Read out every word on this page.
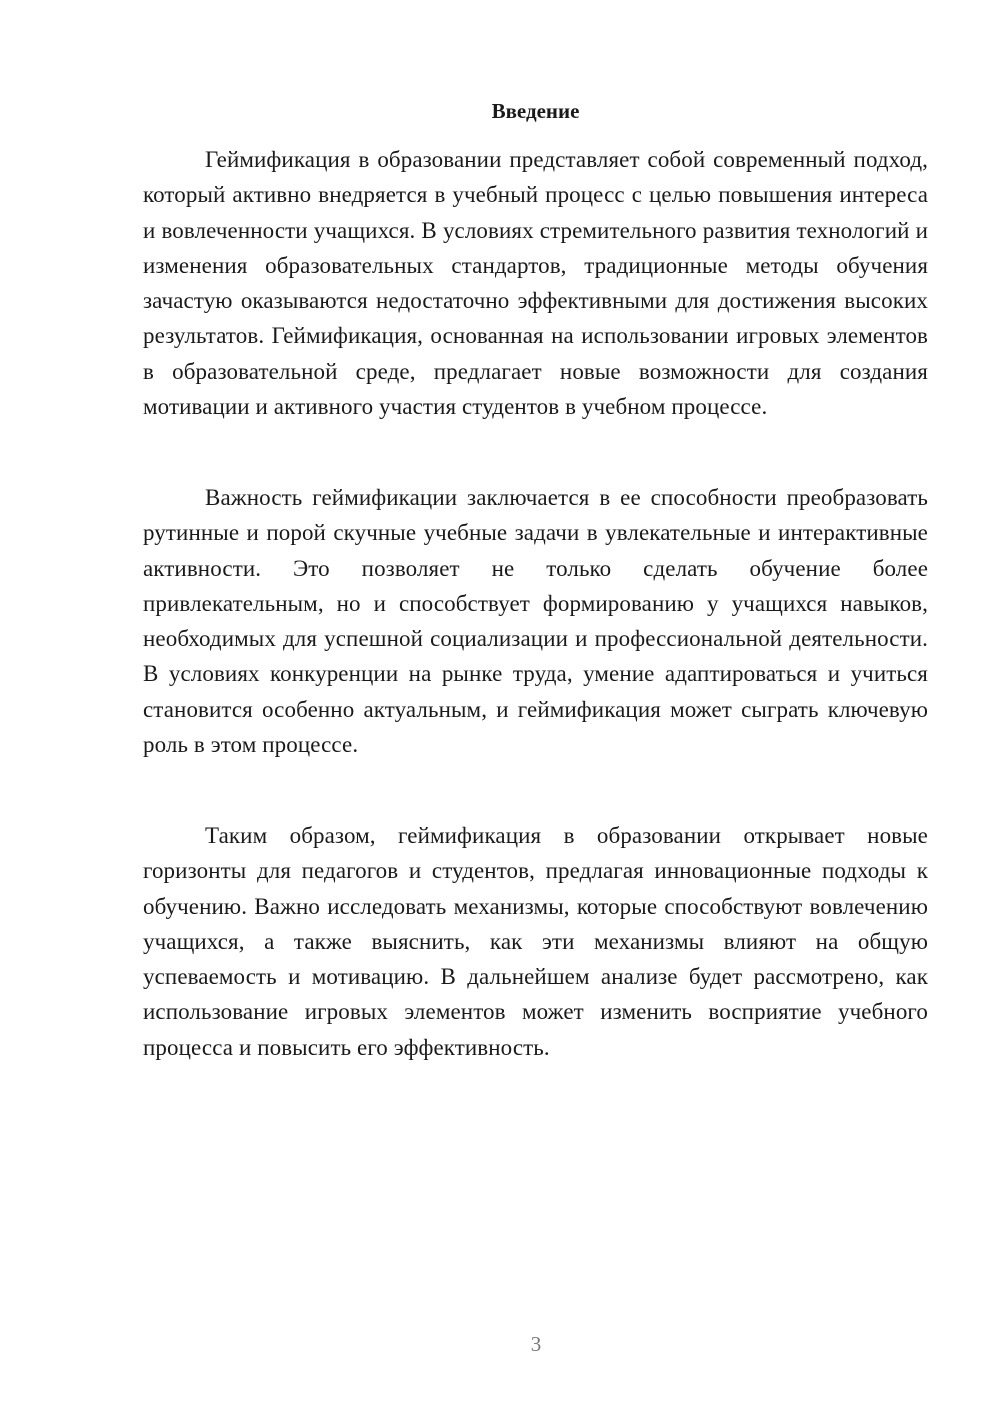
Введение

Геймификация в образовании представляет собой современный подход, который активно внедряется в учебный процесс с целью повышения интереса и вовлеченности учащихся. В условиях стремительного развития технологий и изменения образовательных стандартов, традиционные методы обучения зачастую оказываются недостаточно эффективными для достижения высоких результатов. Геймификация, основанная на использовании игровых элементов в образовательной среде, предлагает новые возможности для создания мотивации и активного участия студентов в учебном процессе.

Важность геймификации заключается в ее способности преобразовать рутинные и порой скучные учебные задачи в увлекательные и интерактивные активности. Это позволяет не только сделать обучение более привлекательным, но и способствует формированию у учащихся навыков, необходимых для успешной социализации и профессиональной деятельности. В условиях конкуренции на рынке труда, умение адаптироваться и учиться становится особенно актуальным, и геймификация может сыграть ключевую роль в этом процессе.

Таким образом, геймификация в образовании открывает новые горизонты для педагогов и студентов, предлагая инновационные подходы к обучению. Важно исследовать механизмы, которые способствуют вовлечению учащихся, а также выяснить, как эти механизмы влияют на общую успеваемость и мотивацию. В дальнейшем анализе будет рассмотрено, как использование игровых элементов может изменить восприятие учебного процесса и повысить его эффективность.

3
